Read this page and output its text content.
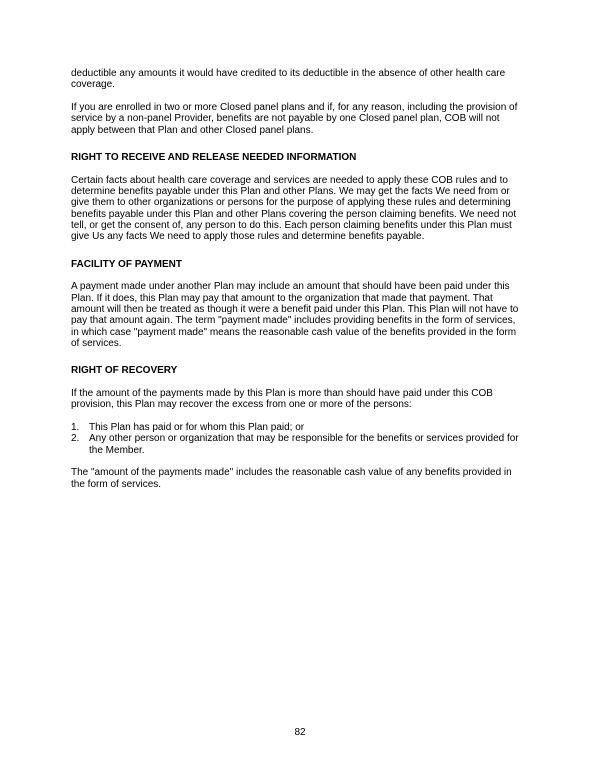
deductible any amounts it would have credited to its deductible in the absence of other health care coverage.

If you are enrolled in two or more Closed panel plans and if, for any reason, including the provision of service by a non-panel Provider, benefits are not payable by one Closed panel plan, COB will not apply between that Plan and other Closed panel plans.

RIGHT TO RECEIVE AND RELEASE NEEDED INFORMATION

Certain facts about health care coverage and services are needed to apply these COB rules and to determine benefits payable under this Plan and other Plans. We may get the facts We need from or give them to other organizations or persons for the purpose of applying these rules and determining benefits payable under this Plan and other Plans covering the person claiming benefits. We need not tell, or get the consent of, any person to do this. Each person claiming benefits under this Plan must give Us any facts We need to apply those rules and determine benefits payable.

FACILITY OF PAYMENT

A payment made under another Plan may include an amount that should have been paid under this Plan. If it does, this Plan may pay that amount to the organization that made that payment. That amount will then be treated as though it were a benefit paid under this Plan. This Plan will not have to pay that amount again. The term "payment made" includes providing benefits in the form of services, in which case "payment made" means the reasonable cash value of the benefits provided in the form of services.

RIGHT OF RECOVERY

If the amount of the payments made by this Plan is more than should have paid under this COB provision, this Plan may recover the excess from one or more of the persons:

1. This Plan has paid or for whom this Plan paid; or
2. Any other person or organization that may be responsible for the benefits or services provided for the Member.

The "amount of the payments made" includes the reasonable cash value of any benefits provided in the form of services.

82
